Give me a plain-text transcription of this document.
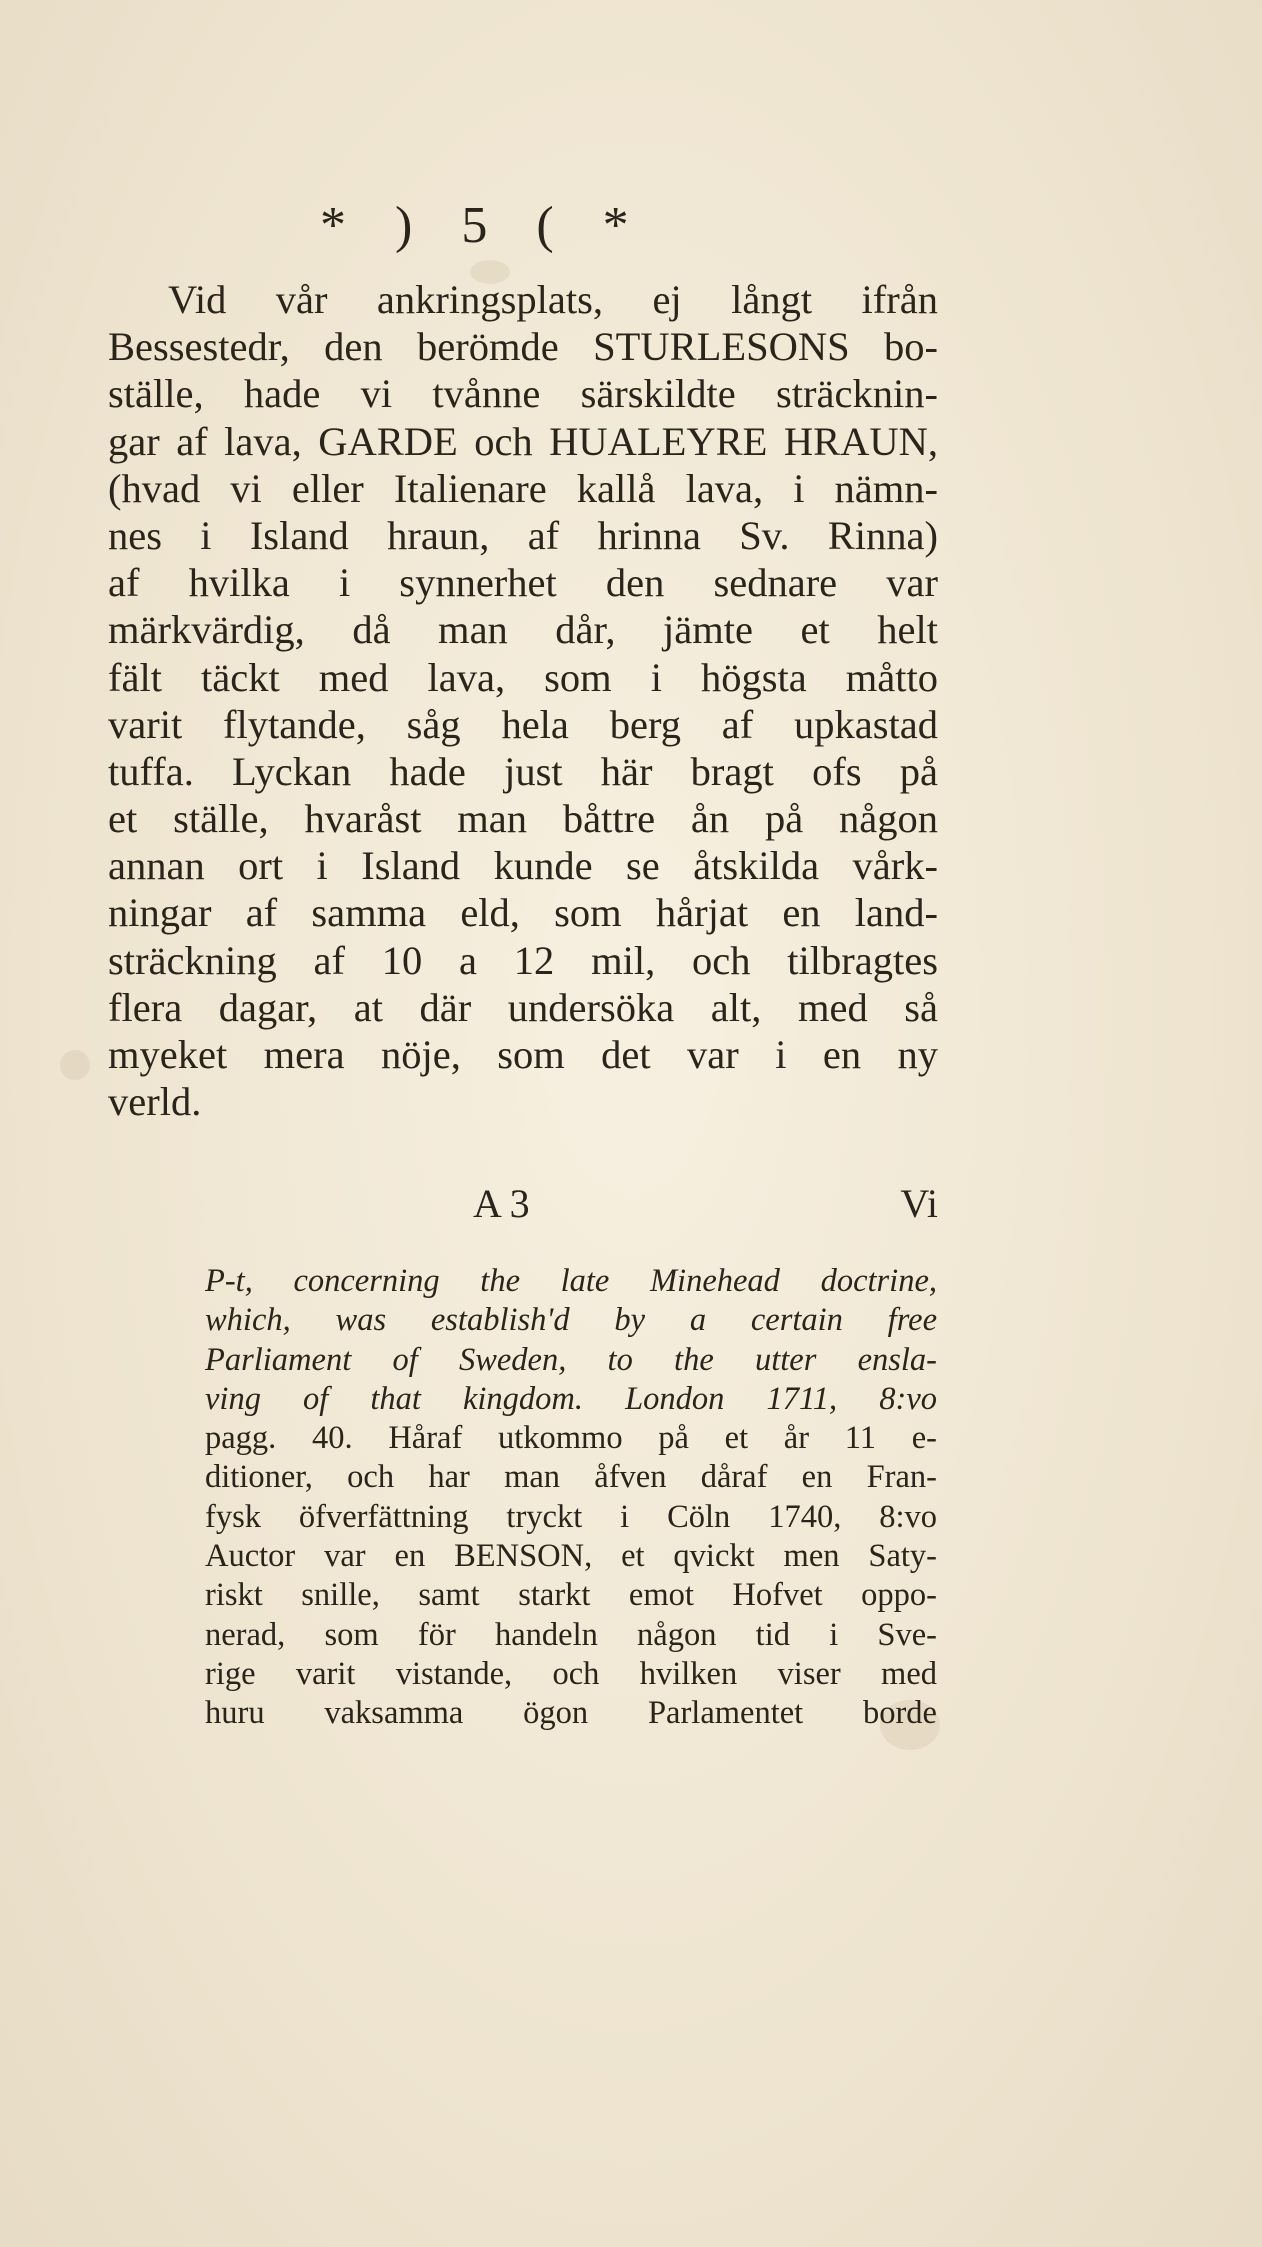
* ) 5 ( *
Vid vår ankringsplats, ej långt ifrån
Bessestedr, den berömde STURLESONS bo-
ställe, hade vi tvånne särskildte sträcknin-
gar af lava, GARDE och HUALEYRE HRAUN,
(hvad vi eller Italienare kallå lava, i nämn-
nes i Island hraun, af hrinna Sv. Rinna)
af hvilka i synnerhet den sednare var
märkvärdig, då man dår, jämte et helt
fält täckt med lava, som i högsta måtto
varit flytande, såg hela berg af upkastad
tuffa. Lyckan hade just här bragt ofs på
et ställe, hvaråst man båttre ån på någon
annan ort i Island kunde se åtskilda vårk-
ningar af samma eld, som hårjat en land-
sträckning af 10 a 12 mil, och tilbragtes
flera dagar, at där undersöka alt, med så
myeket mera nöje, som det var i en ny
verld.
A 3	Vi
P-t, concerning the late Minehead doctrine,
which, was establish'd by a certain free
Parliament of Sweden, to the utter ensla-
ving of that kingdom. London 1711, 8:vo
pagg. 40. Håraf utkommo på et år 11 e-
ditioner, och har man åfven dåraf en Fran-
fysk öfverfättning tryckt i Cöln 1740, 8:vo
Auctor var en BENSON, et qvickt men Saty-
riskt snille, samt starkt emot Hofvet oppo-
nerad, som för handeln någon tid i Sve-
rige varit vistande, och hvilken viser med
huru vaksamma ögon Parlamentet borde
